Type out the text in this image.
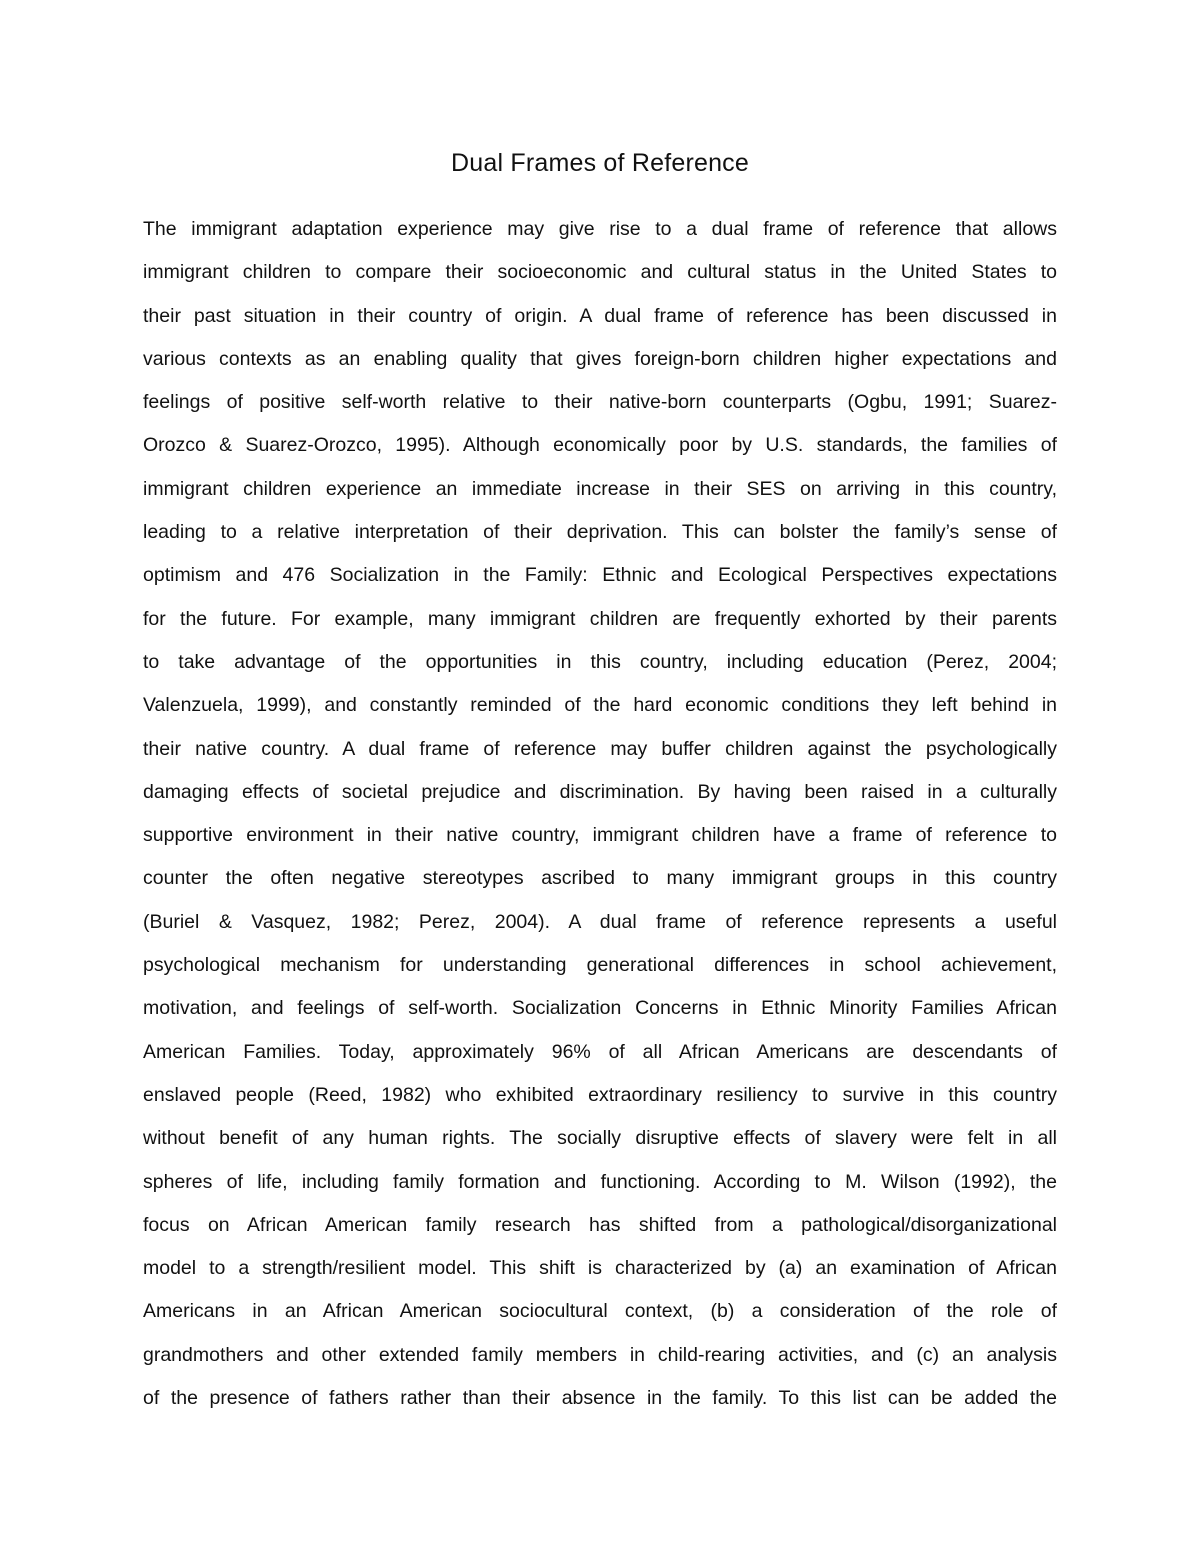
Dual Frames of Reference
The immigrant adaptation experience may give rise to a dual frame of reference that allows
immigrant children to compare their socioeconomic and cultural status in the United States to
their past situation in their country of origin. A dual frame of reference has been discussed in
various contexts as an enabling quality that gives foreign-born children higher expectations and
feelings of positive self-worth relative to their native-born counterparts (Ogbu, 1991; Suarez-
Orozco & Suarez-Orozco, 1995). Although economically poor by U.S. standards, the families of
immigrant children experience an immediate increase in their SES on arriving in this country,
leading to a relative interpretation of their deprivation. This can bolster the family’s sense of
optimism and 476 Socialization in the Family: Ethnic and Ecological Perspectives expectations
for the future. For example, many immigrant children are frequently exhorted by their parents
to take advantage of the opportunities in this country, including education (Perez, 2004;
Valenzuela, 1999), and constantly reminded of the hard economic conditions they left behind in
their native country. A dual frame of reference may buffer children against the psychologically
damaging effects of societal prejudice and discrimination. By having been raised in a culturally
supportive environment in their native country, immigrant children have a frame of reference to
counter the often negative stereotypes ascribed to many immigrant groups in this country
(Buriel & Vasquez, 1982; Perez, 2004). A dual frame of reference represents a useful
psychological mechanism for understanding generational differences in school achievement,
motivation, and feelings of self-worth. Socialization Concerns in Ethnic Minority Families African
American Families. Today, approximately 96% of all African Americans are descendants of
enslaved people (Reed, 1982) who exhibited extraordinary resiliency to survive in this country
without benefit of any human rights. The socially disruptive effects of slavery were felt in all
spheres of life, including family formation and functioning. According to M. Wilson (1992), the
focus on African American family research has shifted from a pathological/disorganizational
model to a strength/resilient model. This shift is characterized by (a) an examination of African
Americans in an African American sociocultural context, (b) a consideration of the role of
grandmothers and other extended family members in child-rearing activities, and (c) an analysis
of the presence of fathers rather than their absence in the family. To this list can be added the
